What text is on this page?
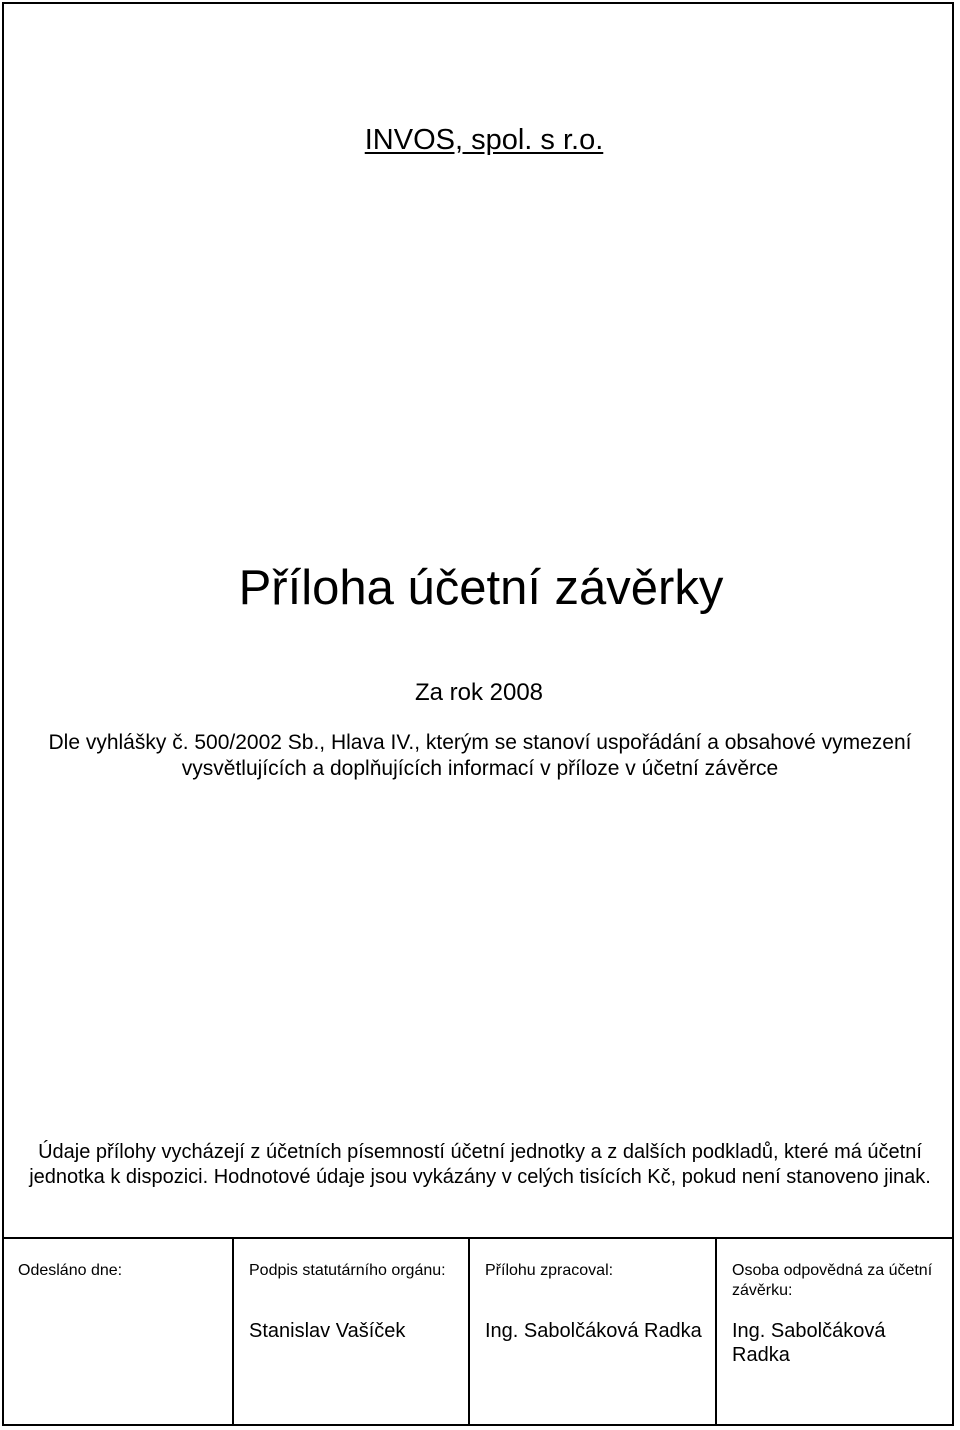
INVOS, spol. s r.o.
Příloha účetní závěrky
Za rok 2008
Dle vyhlášky č. 500/2002 Sb., Hlava IV., kterým se stanoví uspořádání a obsahové vymezení
vysvětlujících a doplňujících informací v příloze v účetní závěrce
Údaje přílohy vycházejí z účetních písemností účetní jednotky a z dalších podkladů, které má účetní jednotka k dispozici. Hodnotové údaje jsou vykázány v celých tisících Kč, pokud není stanoveno jinak.
Odesláno dne:	Podpis statutárního orgánu:
Stanislav Vašíček
Přílohu zpracoval:
Ing. Sabolčáková Radka
Osoba odpovědná za účetní závěrku:
Ing. Sabolčáková Radka
